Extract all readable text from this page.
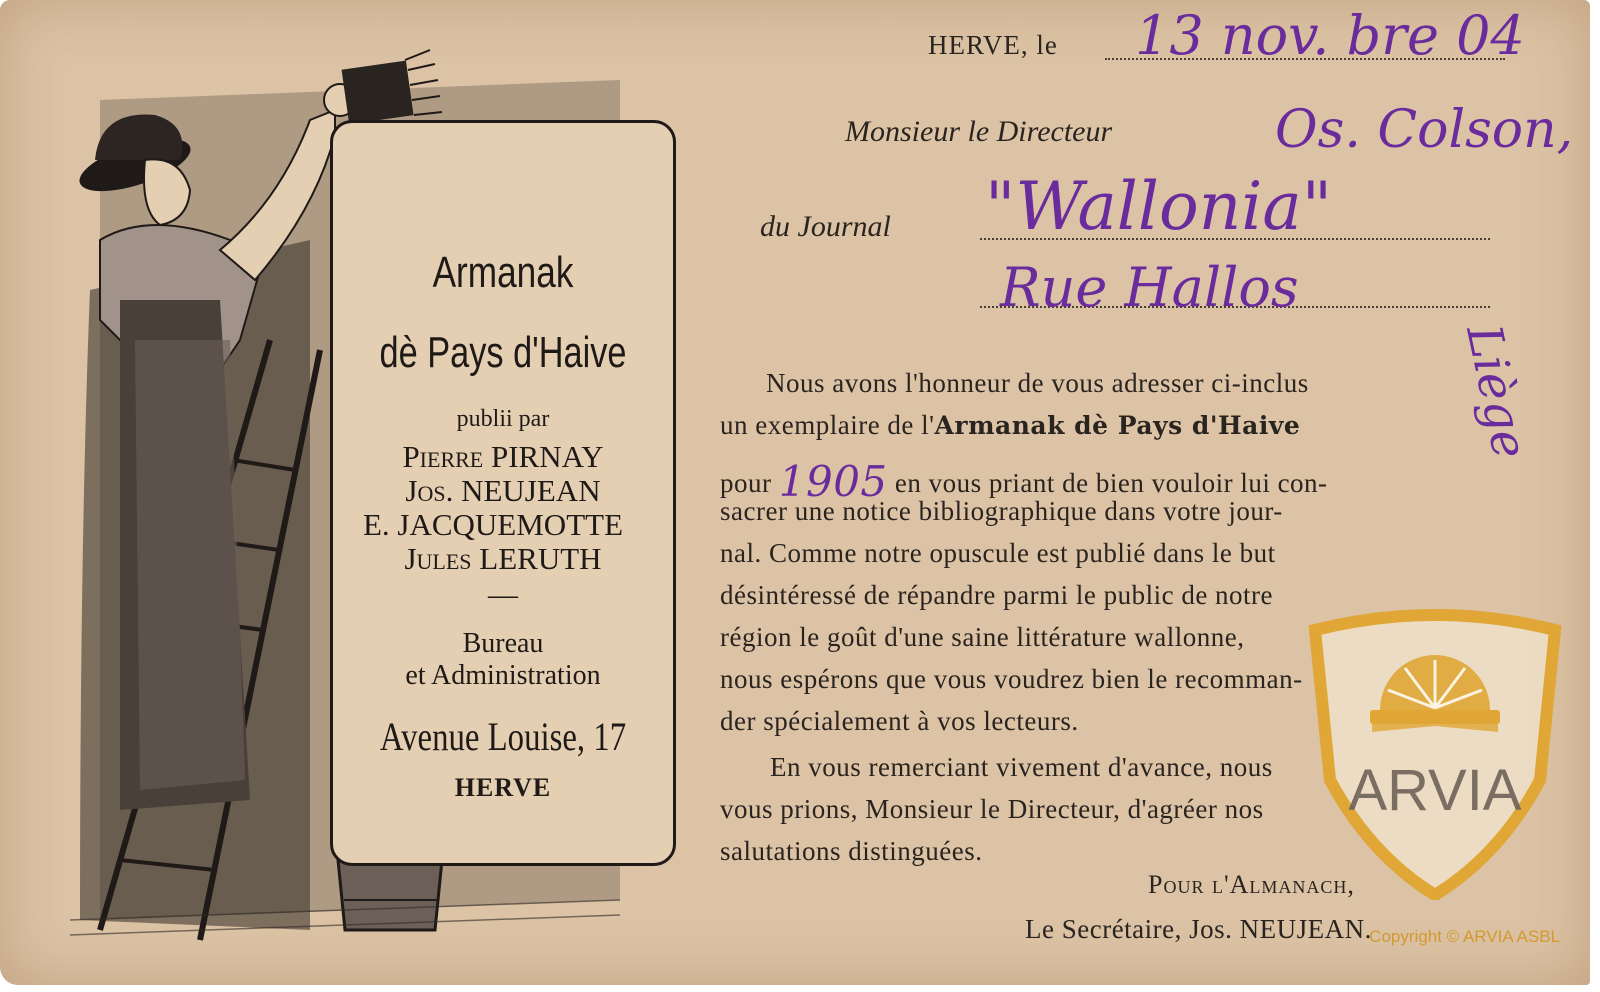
Armanak
dè Pays d'Haive
publii par
Pierre PIRNAY
Jos. NEUJEAN
E. JACQUEMOTTE
Jules LERUTH
—
Bureau
et Administration
Avenue Louise, 17
HERVE
HERVE, le 13 nov. bre 04
Monsieur le Directeur	Os. Colson,
du Journal "Wallonia"
Rue Hallos
Liège
Nous avons l'honneur de vous adresser ci-inclus
un exemplaire de l'Armanak dè Pays d'Haive
pour 1905 en vous priant de bien vouloir lui con-
sacrer une notice bibliographique dans votre jour-
nal. Comme notre opuscule est publié dans le but
désintéressé de répandre parmi le public de notre
région le goût d'une saine littérature wallonne,
nous espérons que vous voudrez bien le recomman-
der spécialement à vos lecteurs.
En vous remerciant vivement d'avance, nous
vous prions, Monsieur le Directeur, d'agréer nos
salutations distinguées.
Pour l'Almanach,
Le Secrétaire, Jos. NEUJEAN.
ARVIA
Copyright © ARVIA ASBL
